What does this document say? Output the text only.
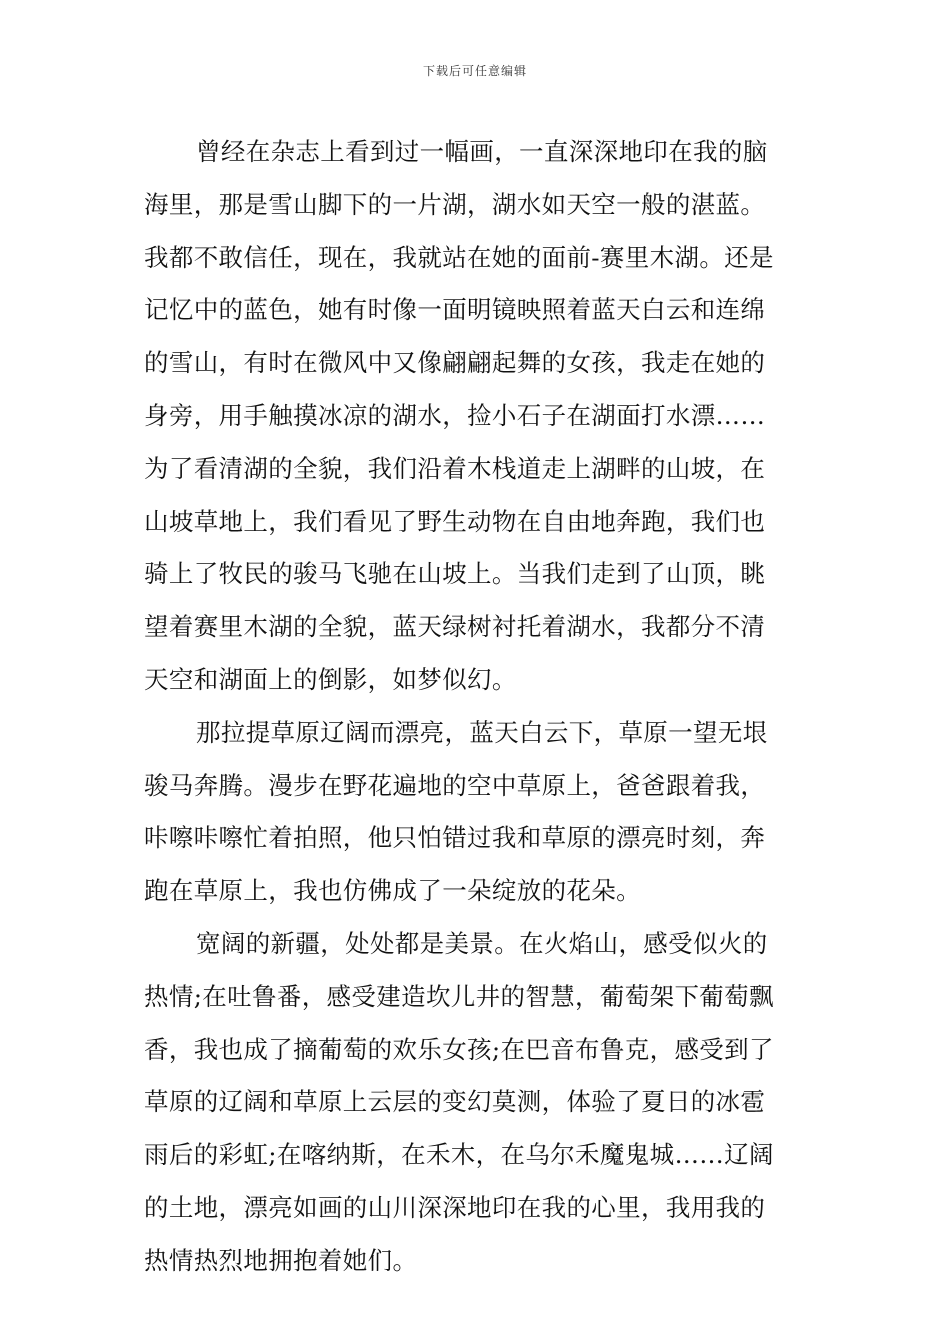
下载后可任意编辑
曾经在杂志上看到过一幅画，一直深深地印在我的脑
海里，那是雪山脚下的一片湖，湖水如天空一般的湛蓝。
我都不敢信任，现在，我就站在她的面前-赛里木湖。还是
记忆中的蓝色，她有时像一面明镜映照着蓝天白云和连绵
的雪山，有时在微风中又像翩翩起舞的女孩，我走在她的
身旁，用手触摸冰凉的湖水，捡小石子在湖面打水漂……
为了看清湖的全貌，我们沿着木栈道走上湖畔的山坡，在
山坡草地上，我们看见了野生动物在自由地奔跑，我们也
骑上了牧民的骏马飞驰在山坡上。当我们走到了山顶，眺
望着赛里木湖的全貌，蓝天绿树衬托着湖水，我都分不清
天空和湖面上的倒影，如梦似幻。
那拉提草原辽阔而漂亮，蓝天白云下，草原一望无垠
骏马奔腾。漫步在野花遍地的空中草原上，爸爸跟着我，
咔嚓咔嚓忙着拍照，他只怕错过我和草原的漂亮时刻，奔
跑在草原上，我也仿佛成了一朵绽放的花朵。
宽阔的新疆，处处都是美景。在火焰山，感受似火的
热情;在吐鲁番，感受建造坎儿井的智慧，葡萄架下葡萄飘
香，我也成了摘葡萄的欢乐女孩;在巴音布鲁克，感受到了
草原的辽阔和草原上云层的变幻莫测，体验了夏日的冰雹
雨后的彩虹;在喀纳斯，在禾木，在乌尔禾魔鬼城……辽阔
的土地，漂亮如画的山川深深地印在我的心里，我用我的
热情热烈地拥抱着她们。
